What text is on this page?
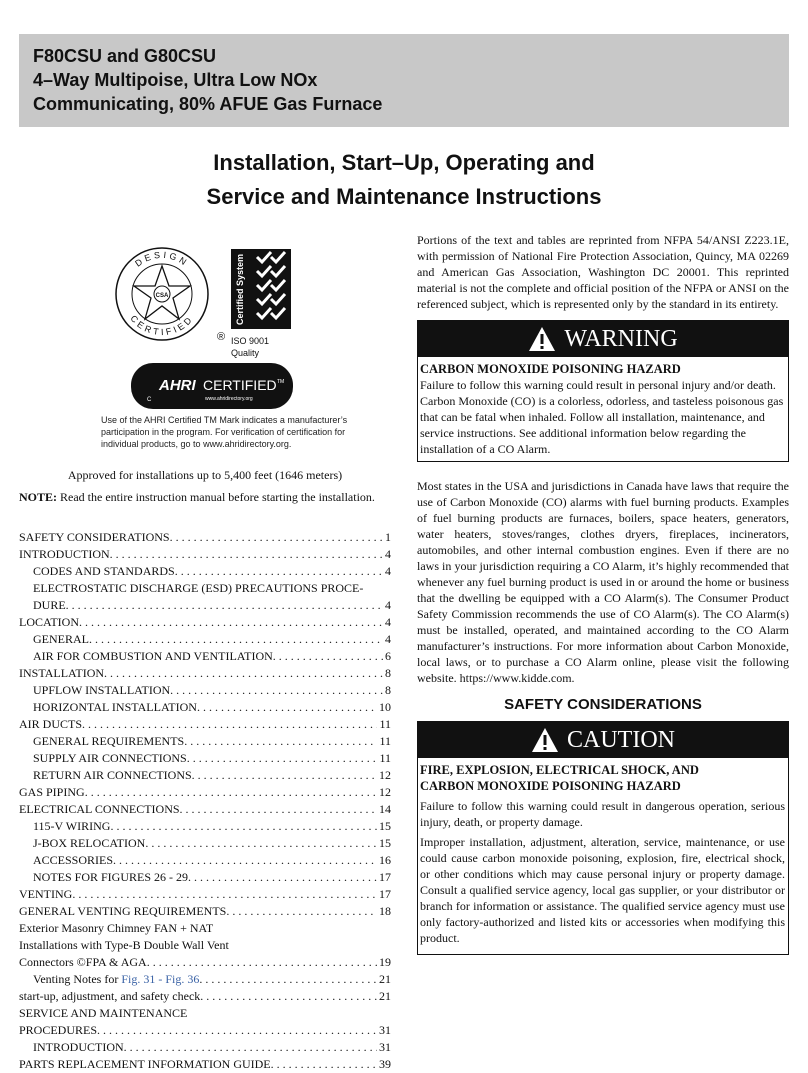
F80CSU and G80CSU
4–Way Multipoise, Ultra Low NOx
Communicating, 80% AFUE Gas Furnace
Installation, Start–Up, Operating and
Service and Maintenance Instructions
DESIGN
CERTIFIED
CSA
®
Certified System
ISO 9001
Quality
AHRI CERTIFIED TM
www.ahridirectory.org
C
Use of the AHRI Certified TM Mark indicates a manufacturer’s participation in the program. For verification of certification for individual products, go to www.ahridirectory.org.
Approved for installations up to 5,400 feet (1646 meters)
NOTE: Read the entire instruction manual before starting the installation.
SAFETY CONSIDERATIONS . . .	1
INTRODUCTION . . .	4
CODES AND STANDARDS . . .	4
ELECTROSTATIC DISCHARGE (ESD) PRECAUTIONS PROCE-
DURE . . .	4
LOCATION . . .	4
GENERAL . . .	4
AIR FOR COMBUSTION AND VENTILATION . . .	6
INSTALLATION . . .	8
UPFLOW INSTALLATION . . .	8
HORIZONTAL INSTALLATION . . .	10
AIR DUCTS . . .	11
GENERAL REQUIREMENTS . . .	11
SUPPLY AIR CONNECTIONS . . .	11
RETURN AIR CONNECTIONS . . .	12
GAS PIPING . . .	12
ELECTRICAL CONNECTIONS . . .	14
115-V WIRING . . .	15
J-BOX RELOCATION . . .	15
ACCESSORIES . . .	16
NOTES FOR FIGURES 26 - 29 . . .	17
VENTING . . .	17
GENERAL VENTING REQUIREMENTS . . .	18
Exterior Masonry Chimney FAN + NAT
Installations with Type-B Double Wall Vent
Connectors ©FPA & AGA . . .	19
Venting Notes for Fig. 31 - Fig. 36 . . .	21
start-up, adjustment, and safety check . . .	21
SERVICE AND MAINTENANCE
PROCEDURES . . .	31
INTRODUCTION . . .	31
PARTS REPLACEMENT INFORMATION GUIDE . . .	39

Portions of the text and tables are reprinted from NFPA 54/ANSI Z223.1E, with permission of National Fire Protection Association, Quincy, MA 02269 and American Gas Association, Washington DC 20001. This reprinted material is not the complete and official position of the NFPA or ANSI on the referenced subject, which is represented only by the standard in its entirety.

WARNING
CARBON MONOXIDE POISONING HAZARD
Failure to follow this warning could result in personal injury and/or death.
Carbon Monoxide (CO) is a colorless, odorless, and tasteless poisonous gas that can be fatal when inhaled. Follow all installation, maintenance, and service instructions. See additional information below regarding the installation of a CO Alarm.

Most states in the USA and jurisdictions in Canada have laws that require the use of Carbon Monoxide (CO) alarms with fuel burning products. Examples of fuel burning products are furnaces, boilers, space heaters, generators, water heaters, stoves/ranges, clothes dryers, fireplaces, incinerators, automobiles, and other internal combustion engines. Even if there are no laws in your jurisdiction requiring a CO Alarm, it’s highly recommended that whenever any fuel burning product is used in or around the home or business that the dwelling be equipped with a CO Alarm(s). The Consumer Product Safety Commission recommends the use of CO Alarm(s). The CO Alarm(s) must be installed, operated, and maintained according to the CO Alarm manufacturer’s instructions. For more information about Carbon Monoxide, local laws, or to purchase a CO Alarm online, please visit the following website. https://www.kidde.com.

SAFETY CONSIDERATIONS
CAUTION
FIRE, EXPLOSION, ELECTRICAL SHOCK, AND
CARBON MONOXIDE POISONING HAZARD

Failure to follow this warning could result in dangerous operation, serious injury, death, or property damage.

Improper installation, adjustment, alteration, service, maintenance, or use could cause carbon monoxide poisoning, explosion, fire, electrical shock, or other conditions which may cause personal injury or property damage. Consult a qualified service agency, local gas supplier, or your distributor or branch for information or assistance. The qualified service agency must use only factory-authorized and listed kits or accessories when modifying this product.
